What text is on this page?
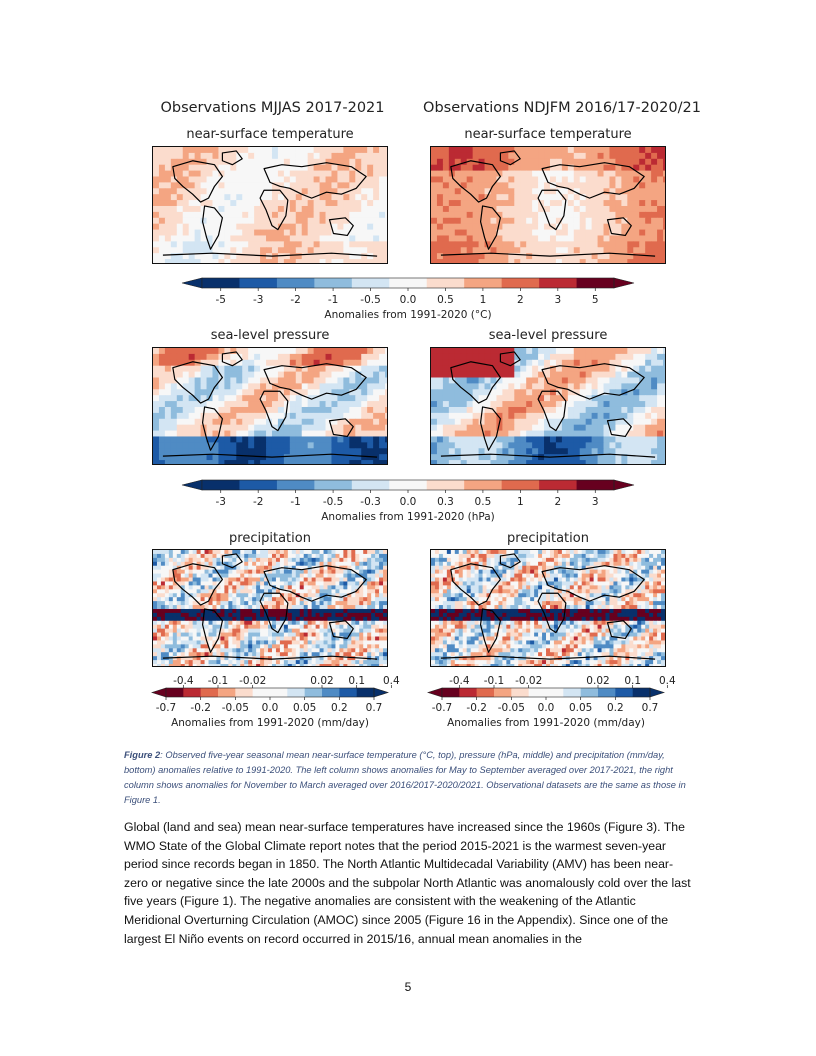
Observations MJJAS 2017-2021	Observations NDJFM 2016/17-2020/21
near-surface temperature	near-surface temperature
-5	-3	-2	-1 -0.5 0.0 0.5 1	2	3	5
Anomalies from 1991-2020 (°C)
sea-level pressure	sea-level pressure
-3	-2	-1 -0.5 -0.3 0.0 0.3 0.5 1	2	3
Anomalies from 1991-2020 (hPa)
precipitation	precipitation
-0.7 -0.2 -0.05 0.0 0.05 0.2 0.7
-0.4 -0.1 -0.02	0.02 0.1 0.4
Anomalies from 1991-2020 (mm/day)
-0.7 -0.2 -0.05 0.0 0.05 0.2 0.7
-0.4 -0.1 -0.02	0.02 0.1 0.4
Anomalies from 1991-2020 (mm/day)
Figure 2: Observed five-year seasonal mean near-surface temperature (°C, top), pressure (hPa, middle) and precipitation (mm/day, bottom) anomalies relative to 1991-2020. The left column shows anomalies for May to September averaged over 2017-2021, the right column shows anomalies for November to March averaged over 2016/2017-2020/2021. Observational datasets are the same as those in Figure 1.
Global (land and sea) mean near-surface temperatures have increased since the 1960s (Figure 3). The WMO State of the Global Climate report notes that the period 2015-2021 is the warmest seven-year period since records began in 1850. The North Atlantic Multidecadal Variability (AMV) has been near-zero or negative since the late 2000s and the subpolar North Atlantic was anomalously cold over the last five years (Figure 1). The negative anomalies are consistent with the weakening of the Atlantic Meridional Overturning Circulation (AMOC) since 2005 (Figure 16 in the Appendix). Since one of the largest El Niño events on record occurred in 2015/16, annual mean anomalies in the
5
